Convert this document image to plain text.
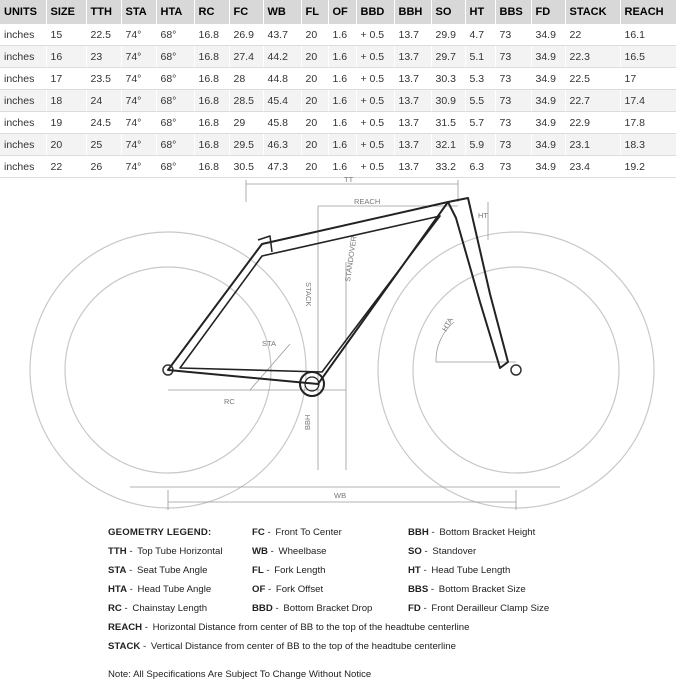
UNITS	SIZE	TTH	STA	HTA	RC	FC	WB	FL	OF	BBD	BBH	SO	HT	BBS	FD	STACK	REACH
inches	15	22.5	74°	68°	16.8	26.9	43.7	20	1.6	+ 0.5	13.7	29.9	4.7	73	34.9	22	16.1
inches	16	23	74°	68°	16.8	27.4	44.2	20	1.6	+ 0.5	13.7	29.7	5.1	73	34.9	22.3	16.5
inches	17	23.5	74°	68°	16.8	28	44.8	20	1.6	+ 0.5	13.7	30.3	5.3	73	34.9	22.5	17
inches	18	24	74°	68°	16.8	28.5	45.4	20	1.6	+ 0.5	13.7	30.9	5.5	73	34.9	22.7	17.4
inches	19	24.5	74°	68°	16.8	29	45.8	20	1.6	+ 0.5	13.7	31.5	5.7	73	34.9	22.9	17.8
inches	20	25	74°	68°	16.8	29.5	46.3	20	1.6	+ 0.5	13.7	32.1	5.9	73	34.9	23.1	18.3
inches	22	26	74°	68°	16.8	30.5	47.3	20	1.6	+ 0.5	13.7	33.2	6.3	73	34.9	23.4	19.2
TT
REACH
HT
STACK
STANDOVER
HTA
STA
RC
BBH
WB
GEOMETRY LEGEND:
TTH - Top Tube Horizontal
STA - Seat Tube Angle
HTA - Head Tube Angle
RC - Chainstay Length
FC - Front To Center
WB - Wheelbase
FL - Fork Length
OF - Fork Offset
BBD - Bottom Bracket Drop
BBH - Bottom Bracket Height
SO - Standover
HT - Head Tube Length
BBS - Bottom Bracket Size
FD - Front Derailleur Clamp Size
REACH - Horizontal Distance from center of BB to the top of the headtube centerline
STACK - Vertical Distance from center of BB to the top of the headtube centerline
Note: All Specifications Are Subject To Change Without Notice
